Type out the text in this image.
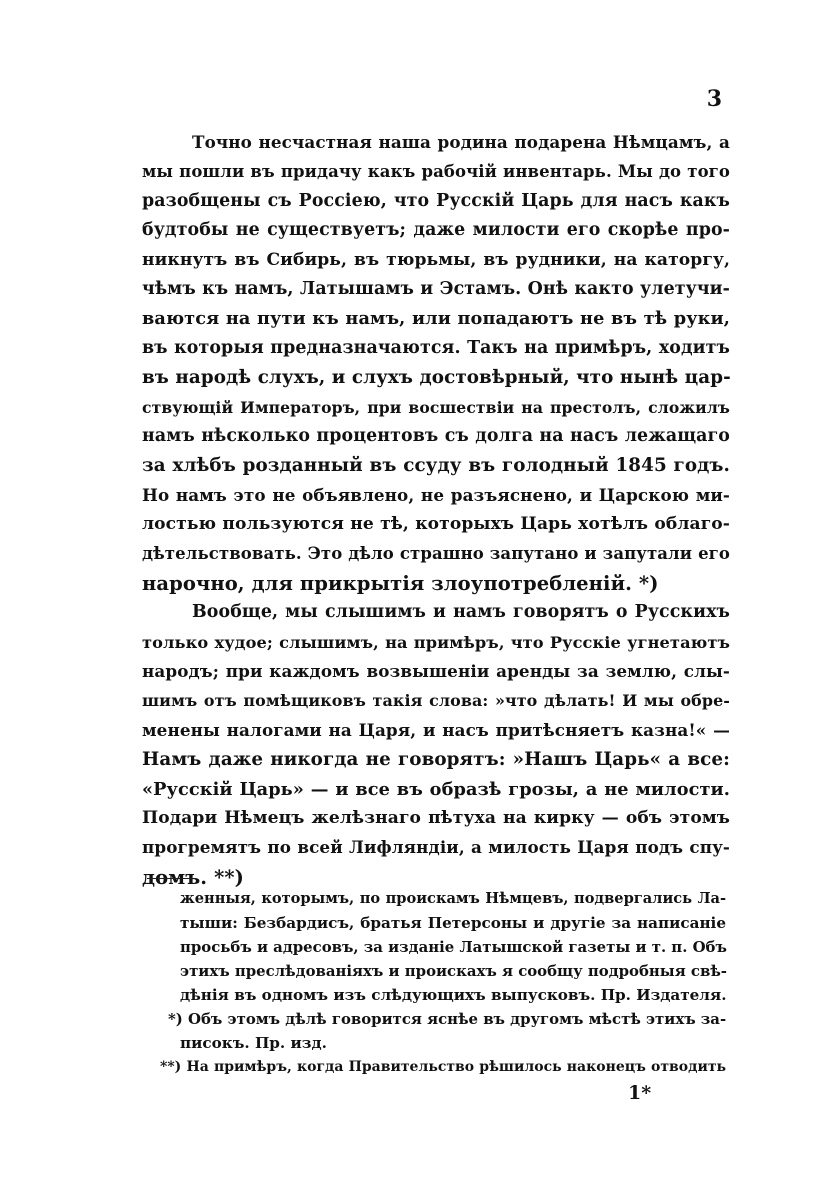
3
Точно несчастная наша родина подарена Нѣмцамъ, а
мы пошли въ придачу какъ рабочій инвентарь. Мы до того
разобщены съ Россіею, что Русскій Царь для насъ какъ
будтобы не существуетъ; даже милости его скорѣе про-
никнутъ въ Сибирь, въ тюрьмы, въ рудники, на каторгу,
чѣмъ къ намъ, Латышамъ и Эстамъ. Онѣ както улетучи-
ваются на пути къ намъ, или попадаютъ не въ тѣ руки,
въ которыя предназначаются. Такъ на примѣръ, ходитъ
въ народѣ слухъ, и слухъ достовѣрный, что нынѣ цар-
ствующій Императоръ, при восшествіи на престолъ, сложилъ
намъ нѣсколько процентовъ съ долга на насъ лежащаго
за хлѣбъ розданный въ ссуду въ голодный 1845 годъ.
Но намъ это не объявлено, не разъяснено, и Царскою ми-
лостью пользуются не тѣ, которыхъ Царь хотѣлъ облаго-
дѣтельствовать. Это дѣло страшно запутано и запутали его
нарочно, для прикрытія злоупотребленій. *)
Вообще, мы слышимъ и намъ говорятъ о Русскихъ
только худое; слышимъ, на примѣръ, что Русскіе угнетаютъ
народъ; при каждомъ возвышеніи аренды за землю, слы-
шимъ отъ помѣщиковъ такія слова: »что дѣлать! И мы обре-
менены налогами на Царя, и насъ притѣсняетъ казна!« —
Намъ даже никогда не говорятъ: »Нашъ Царь« а все:
«Русскій Царь» — и все въ образѣ грозы, а не милости.
Подари Нѣмецъ желѣзнаго пѣтуха на кирку — объ этомъ
прогремятъ по всей Лифляндіи, а милость Царя подъ спу-
домъ. **)
женныя, которымъ, по проискамъ Нѣмцевъ, подвергались Ла-
тыши: Безбардисъ, братья Петерсоны и другіе за написаніе
просьбъ и адресовъ, за изданіе Латышской газеты и т. п. Объ
этихъ преслѣдованіяхъ и проискахъ я сообщу подробныя свѣ-
дѣнія въ одномъ изъ слѣдующихъ выпусковъ. Пр. Издателя.
*) Объ этомъ дѣлѣ говорится яснѣе въ другомъ мѣстѣ этихъ за-
писокъ. Пр. изд.
**) На примѣръ, когда Правительство рѣшилось наконецъ отводить
1*
